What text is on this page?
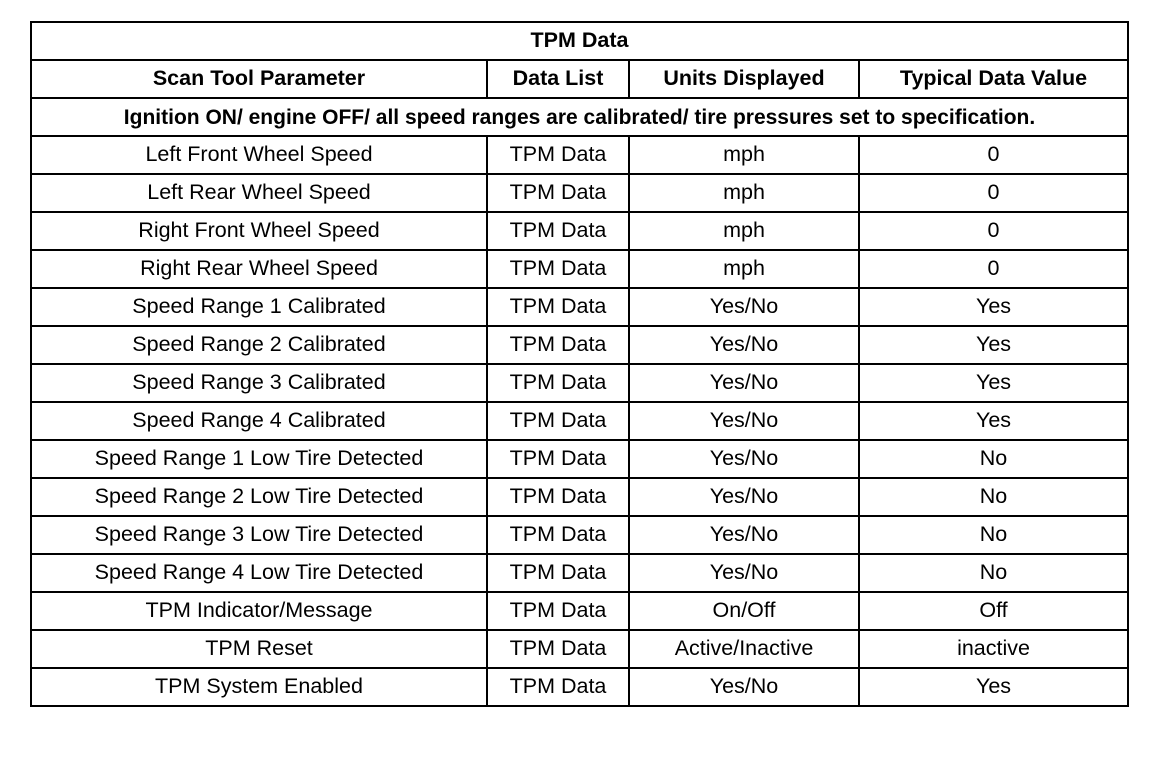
TPM Data			
Scan Tool Parameter	Data List	Units Displayed	Typical Data Value
Ignition ON/ engine OFF/ all speed ranges are calibrated/ tire pressures set to specification.			
Left Front Wheel Speed	TPM Data	mph	0
Left Rear Wheel Speed	TPM Data	mph	0
Right Front Wheel Speed	TPM Data	mph	0
Right Rear Wheel Speed	TPM Data	mph	0
Speed Range 1 Calibrated	TPM Data	Yes/No	Yes
Speed Range 2 Calibrated	TPM Data	Yes/No	Yes
Speed Range 3 Calibrated	TPM Data	Yes/No	Yes
Speed Range 4 Calibrated	TPM Data	Yes/No	Yes
Speed Range 1 Low Tire Detected	TPM Data	Yes/No	No
Speed Range 2 Low Tire Detected	TPM Data	Yes/No	No
Speed Range 3 Low Tire Detected	TPM Data	Yes/No	No
Speed Range 4 Low Tire Detected	TPM Data	Yes/No	No
TPM Indicator/Message	TPM Data	On/Off	Off
TPM Reset	TPM Data	Active/Inactive	inactive
TPM System Enabled	TPM Data	Yes/No	Yes
